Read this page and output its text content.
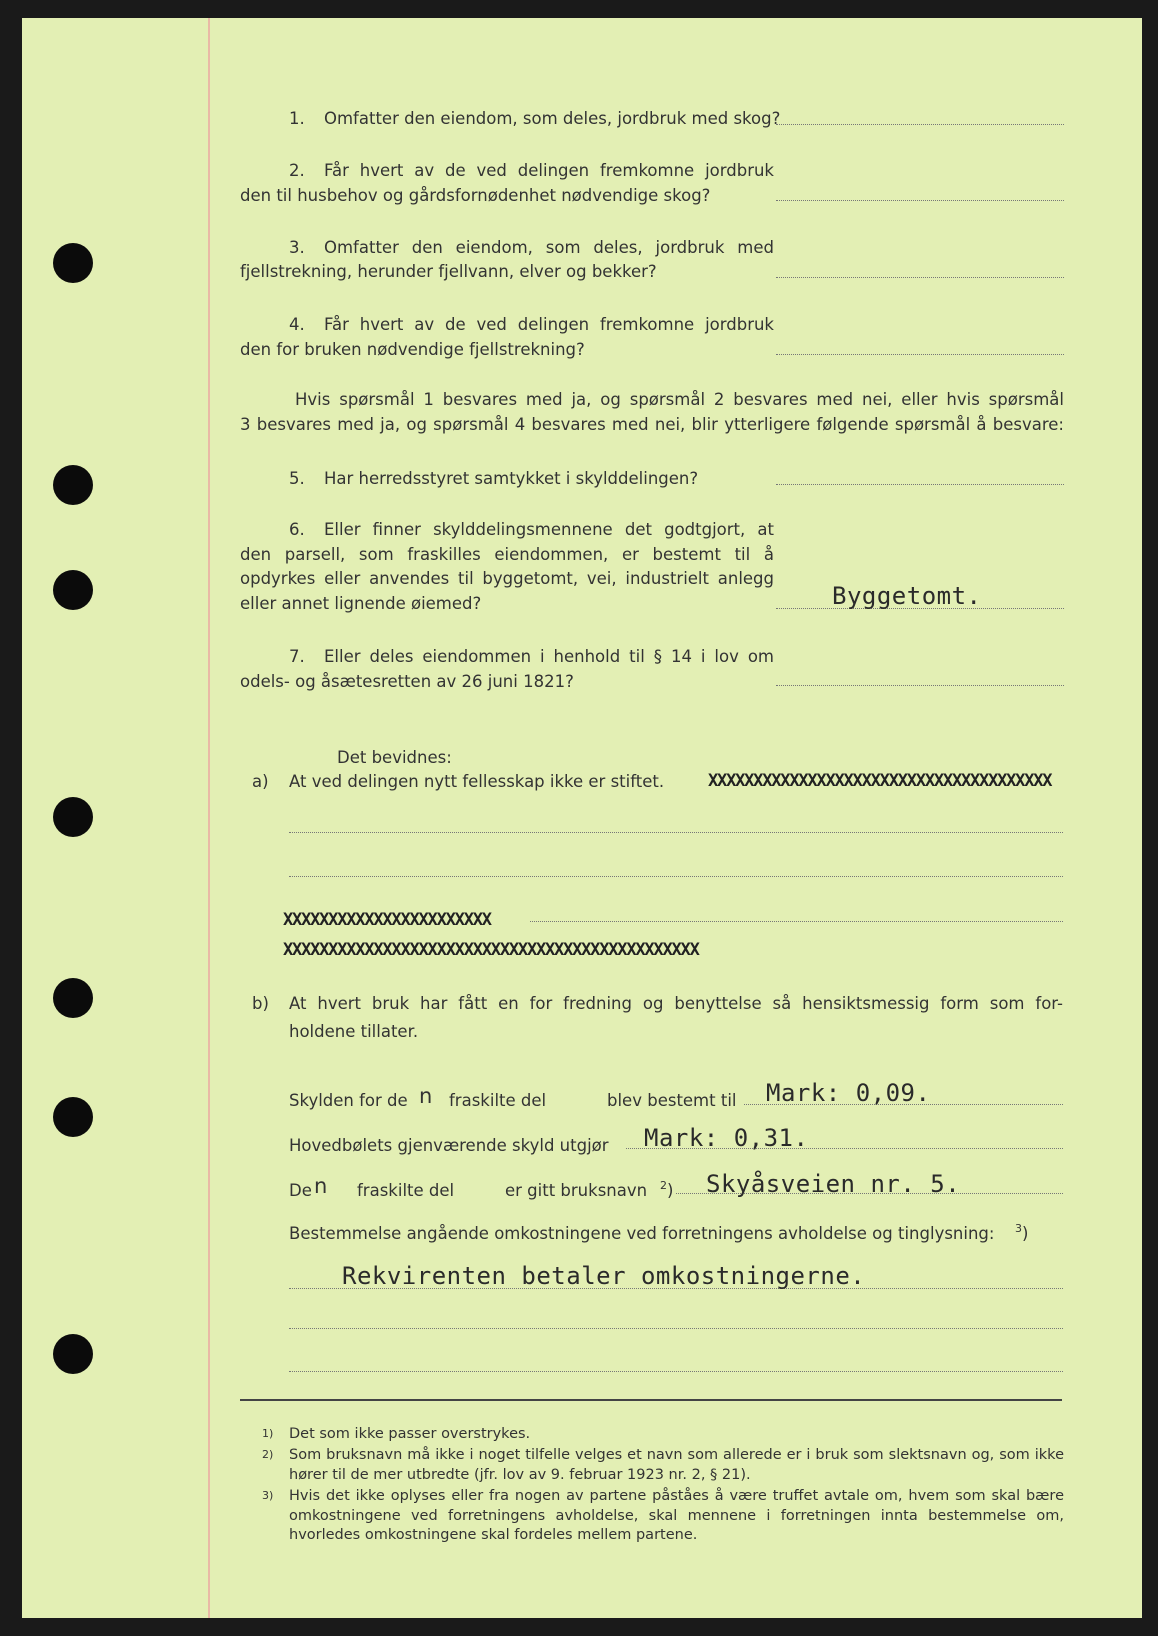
1. Omfatter den eiendom, som deles, jordbruk med skog?
2. Får hvert av de ved delingen fremkomne jordbruk
den til husbehov og gårdsfornødenhet nødvendige skog?
3. Omfatter den eiendom, som deles, jordbruk med
fjellstrekning, herunder fjellvann, elver og bekker?
4. Får hvert av de ved delingen fremkomne jordbruk
den for bruken nødvendige fjellstrekning?
Hvis spørsmål 1 besvares med ja, og spørsmål 2 besvares med nei, eller hvis spørsmål
3 besvares med ja, og spørsmål 4 besvares med nei, blir ytterligere følgende spørsmål å besvare:
5. Har herredsstyret samtykket i skylddelingen?
6. Eller finner skylddelingsmennene det godtgjort, at
den parsell, som fraskilles eiendommen, er bestemt til å
opdyrkes eller anvendes til byggetomt, vei, industrielt anlegg
eller annet lignende øiemed?	Byggetomt.
7. Eller deles eiendommen i henhold til § 14 i lov om
odels- og åsætesretten av 26 juni 1821?
Det bevidnes:
a) At ved delingen nytt fellesskap ikke er stiftet.	XXXXXXXXXXXXXXXXXXXXXXXXXXXXXXXXXXXXXX
XXXXXXXXXXXXXXXXXXXXXXX
XXXXXXXXXXXXXXXXXXXXXXXXXXXXXXXXXXXXXXXXXXXXXX
b) At hvert bruk har fått en for fredning og benyttelse så hensiktsmessig form som for-
holdene tillater.
Skylden for de n fraskilte del	blev bestemt til Mark: 0,09.
Hovedbølets gjenværende skyld utgjør Mark: 0,31.
De n fraskilte del	er gitt bruksnavn 2 ) Skyåsveien nr. 5.
Bestemmelse angående omkostningene ved forretningens avholdelse og tinglysning: 3 )
Rekvirenten betaler omkostningerne.
1) Det som ikke passer overstrykes.
2) Som bruksnavn må ikke i noget tilfelle velges et navn som allerede er i bruk som slektsnavn og, som ikke hører til de mer utbredte (jfr. lov av 9. februar 1923 nr. 2, § 21).
3) Hvis det ikke oplyses eller fra nogen av partene påståes å være truffet avtale om, hvem som skal bære omkostningene ved forretningens avholdelse, skal mennene i forretningen innta bestemmelse om, hvorledes omkostningene skal fordeles mellem partene.
